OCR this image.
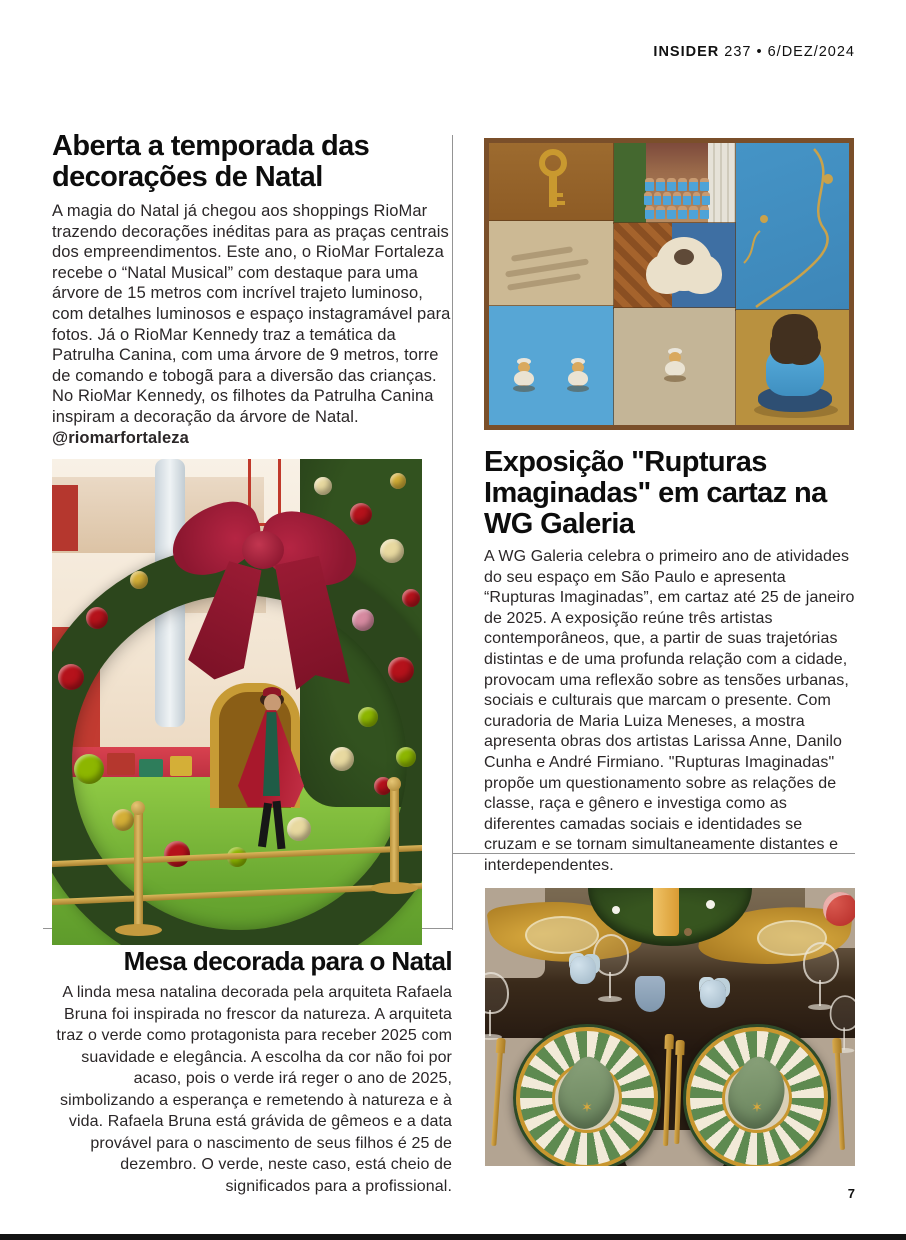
INSIDER 237 • 6/DEZ/2024
Aberta a temporada das decorações de Natal

A magia do Natal já chegou aos shoppings RioMar trazendo decorações inéditas para as praças centrais dos empreendimentos. Este ano, o RioMar Fortaleza recebe o “Natal Musical” com destaque para uma árvore de 15 metros com incrível trajeto luminoso, com detalhes luminosos e espaço instagramável para fotos. Já o RioMar Kennedy traz a temática da Patrulha Canina, com uma árvore de 9 metros, torre de comando e tobogã para a diversão das crianças. No RioMar Kennedy, os filhotes da Patrulha Canina inspiram a decoração da árvore de Natal. @riomarfortaleza

Exposição "Rupturas Imaginadas" em cartaz na WG Galeria

A WG Galeria celebra o primeiro ano de atividades do seu espaço em São Paulo e apresenta “Rupturas Imaginadas”, em cartaz até 25 de janeiro de 2025. A exposição reúne três artistas contemporâneos, que, a partir de suas trajetórias distintas e de uma profunda relação com a cidade, provocam uma reflexão sobre as tensões urbanas, sociais e culturais que marcam o presente. Com curadoria de Maria Luiza Meneses, a mostra apresenta obras dos artistas Larissa Anne, Danilo Cunha e André Firmiano. "Rupturas Imaginadas" propõe um questionamento sobre as relações de classe, raça e gênero e investiga como as diferentes camadas sociais e identidades se cruzam e se tornam simultaneamente distantes e interdependentes.

Mesa decorada para o Natal

A linda mesa natalina decorada pela arquiteta Rafaela Bruna foi inspirada no frescor da natureza. A arquiteta traz o verde como protagonista para receber 2025 com suavidade e elegância. A escolha da cor não foi por acaso, pois o verde irá reger o ano de 2025, simbolizando a esperança e remetendo à natureza e à vida. Rafaela Bruna está grávida de gêmeos e a data provável para o nascimento de seus filhos é 25 de dezembro. O verde, neste caso, está cheio de significados para a profissional.

✶	✶
7
